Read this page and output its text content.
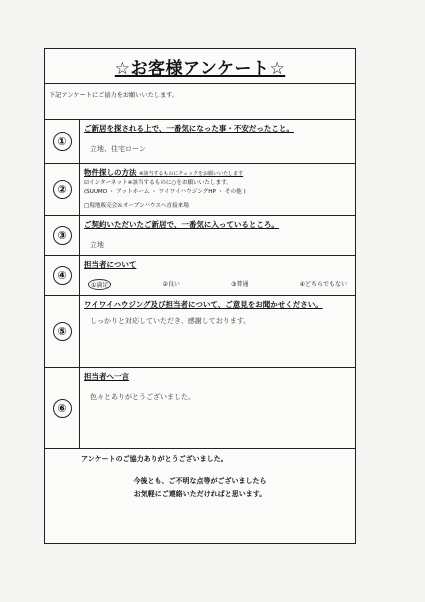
☆お客様アンケート☆
下記アンケートにご協力をお願いいたします。
①
ご新居を探される上で、一番気になった事・不安だったこと。
立地、住宅ローン
②
物件探しの方法 ※該当するものにチェックをお願いいたします
☑インターネット※該当するものに○をお願いいたします。
(SUUMO ・ アットホーム ・ ワイワイハウジングHP ・ その他 )
□現地販売会＆オープンハウスへ直接来場
③
ご契約いただいたご新居で、一番気に入っているところ。
立地
④
担当者について
①満足	②良い	③普通	④どちらでもない
⑤
ワイワイハウジング及び担当者について、ご意見をお聞かせください。
しっかりと対応していただき、感謝しております。
⑥
担当者へ一言
色々とありがとうございました。
アンケートのご協力ありがとうございました。
今後とも、ご不明な点等がございましたら
お気軽にご連絡いただければと思います。
